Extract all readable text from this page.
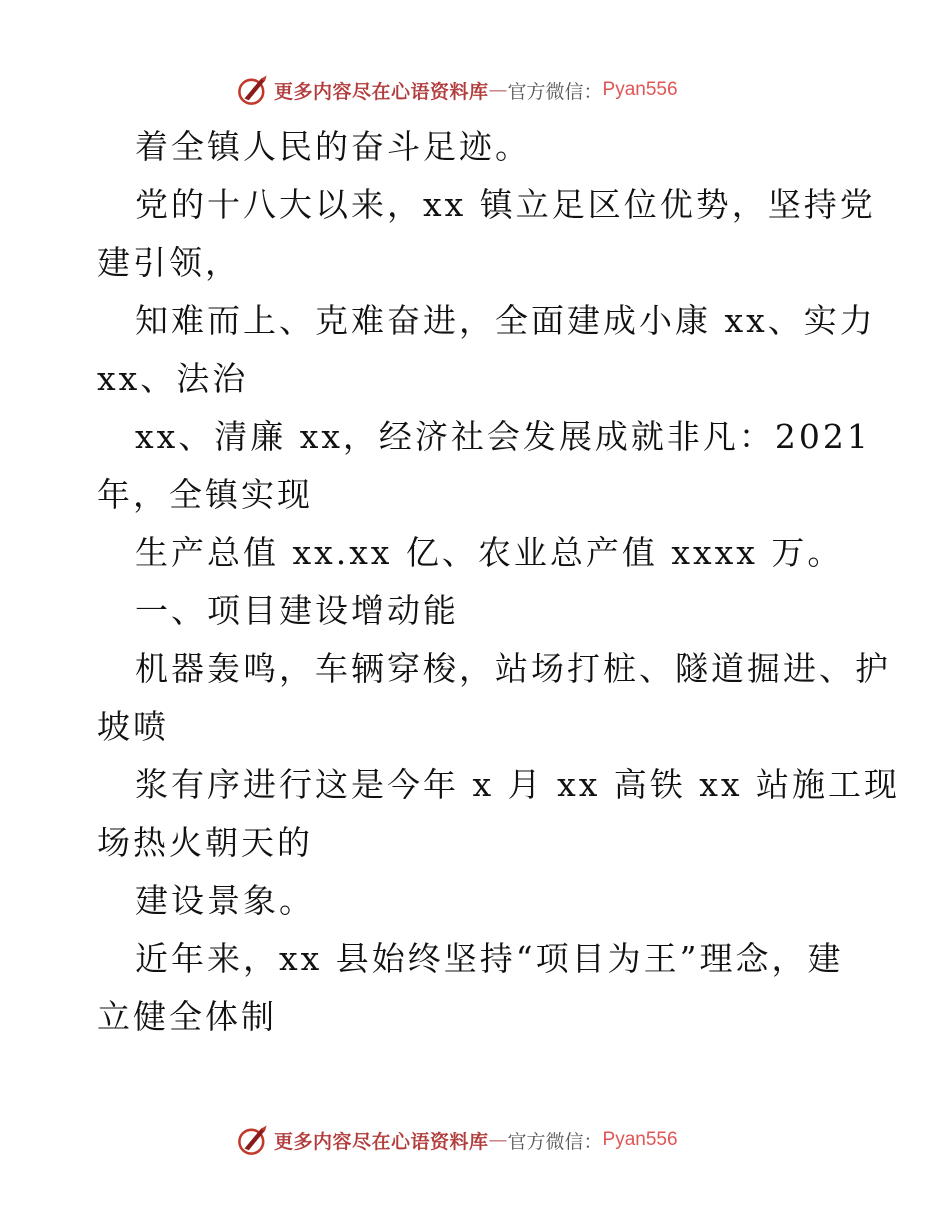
更多内容尽在心语资料库 — 官方微信： Pyan556
着全镇人民的奋斗足迹。
党的十八大以来，xx 镇立足区位优势，坚持党
建引领，
知难而上、克难奋进，全面建成小康 xx、实力
xx、法治
xx、清廉 xx，经济社会发展成就非凡：2021
年，全镇实现
生产总值 xx.xx 亿、农业总产值 xxxx 万。
一、项目建设增动能
机器轰鸣，车辆穿梭，站场打桩、隧道掘进、护
坡喷
浆有序进行这是今年 x 月 xx 高铁 xx 站施工现
场热火朝天的
建设景象。
近年来，xx 县始终坚持“项目为王”理念，建
立健全体制
更多内容尽在心语资料库 — 官方微信： Pyan556
